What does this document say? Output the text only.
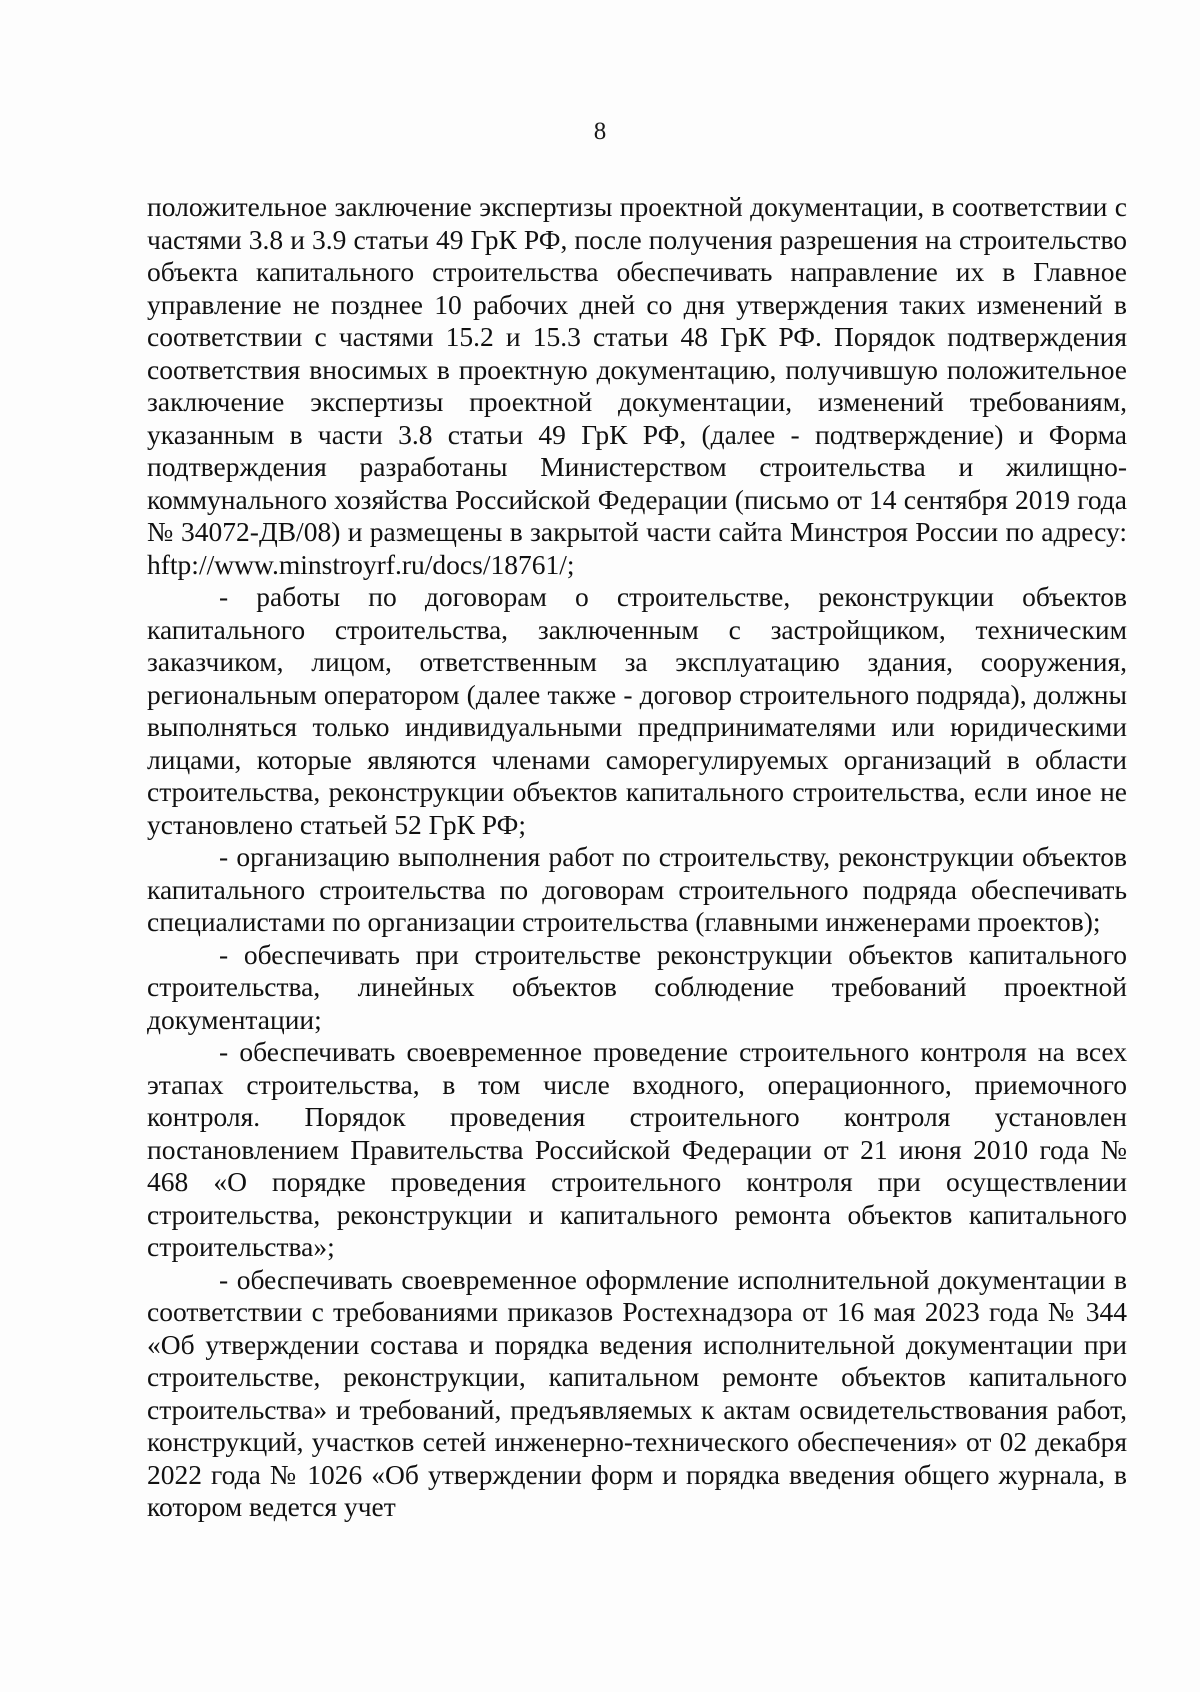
8

положительное заключение экспертизы проектной документации, в соответствии с частями 3.8 и 3.9 статьи 49 ГрК РФ, после получения разрешения на строительство объекта капитального строительства обеспечивать направление их в Главное управление не позднее 10 рабочих дней со дня утверждения таких изменений в соответствии с частями 15.2 и 15.3 статьи 48 ГрК РФ. Порядок подтверждения соответствия вносимых в проектную документацию, получившую положительное заключение экспертизы проектной документации, изменений требованиям, указанным в части 3.8 статьи 49 ГрК РФ, (далее - подтверждение) и Форма подтверждения разработаны Министерством строительства и жилищно-коммунального хозяйства Российской Федерации (письмо от 14 сентября 2019 года № 34072-ДВ/08) и размещены в закрытой части сайта Минстроя России по адресу: hftp://www.minstroyrf.ru/docs/18761/;

- работы по договорам о строительстве, реконструкции объектов капитального строительства, заключенным с застройщиком, техническим заказчиком, лицом, ответственным за эксплуатацию здания, сооружения, региональным оператором (далее также - договор строительного подряда), должны выполняться только индивидуальными предпринимателями или юридическими лицами, которые являются членами саморегулируемых организаций в области строительства, реконструкции объектов капитального строительства, если иное не установлено статьей 52 ГрК РФ;

- организацию выполнения работ по строительству, реконструкции объектов капитального строительства по договорам строительного подряда обеспечивать специалистами по организации строительства (главными инженерами проектов);

- обеспечивать при строительстве реконструкции объектов капитального строительства, линейных объектов соблюдение требований проектной документации;

- обеспечивать своевременное проведение строительного контроля на всех этапах строительства, в том числе входного, операционного, приемочного контроля. Порядок проведения строительного контроля установлен постановлением Правительства Российской Федерации от 21 июня 2010 года № 468 «О порядке проведения строительного контроля при осуществлении строительства, реконструкции и капитального ремонта объектов капитального строительства»;

- обеспечивать своевременное оформление исполнительной документации в соответствии с требованиями приказов Ростехнадзора от 16 мая 2023 года № 344 «Об утверждении состава и порядка ведения исполнительной документации при строительстве, реконструкции, капитальном ремонте объектов капитального строительства» и требований, предъявляемых к актам освидетельствования работ, конструкций, участков сетей инженерно-технического обеспечения» от 02 декабря 2022 года № 1026 «Об утверждении форм и порядка введения общего журнала, в котором ведется учет
